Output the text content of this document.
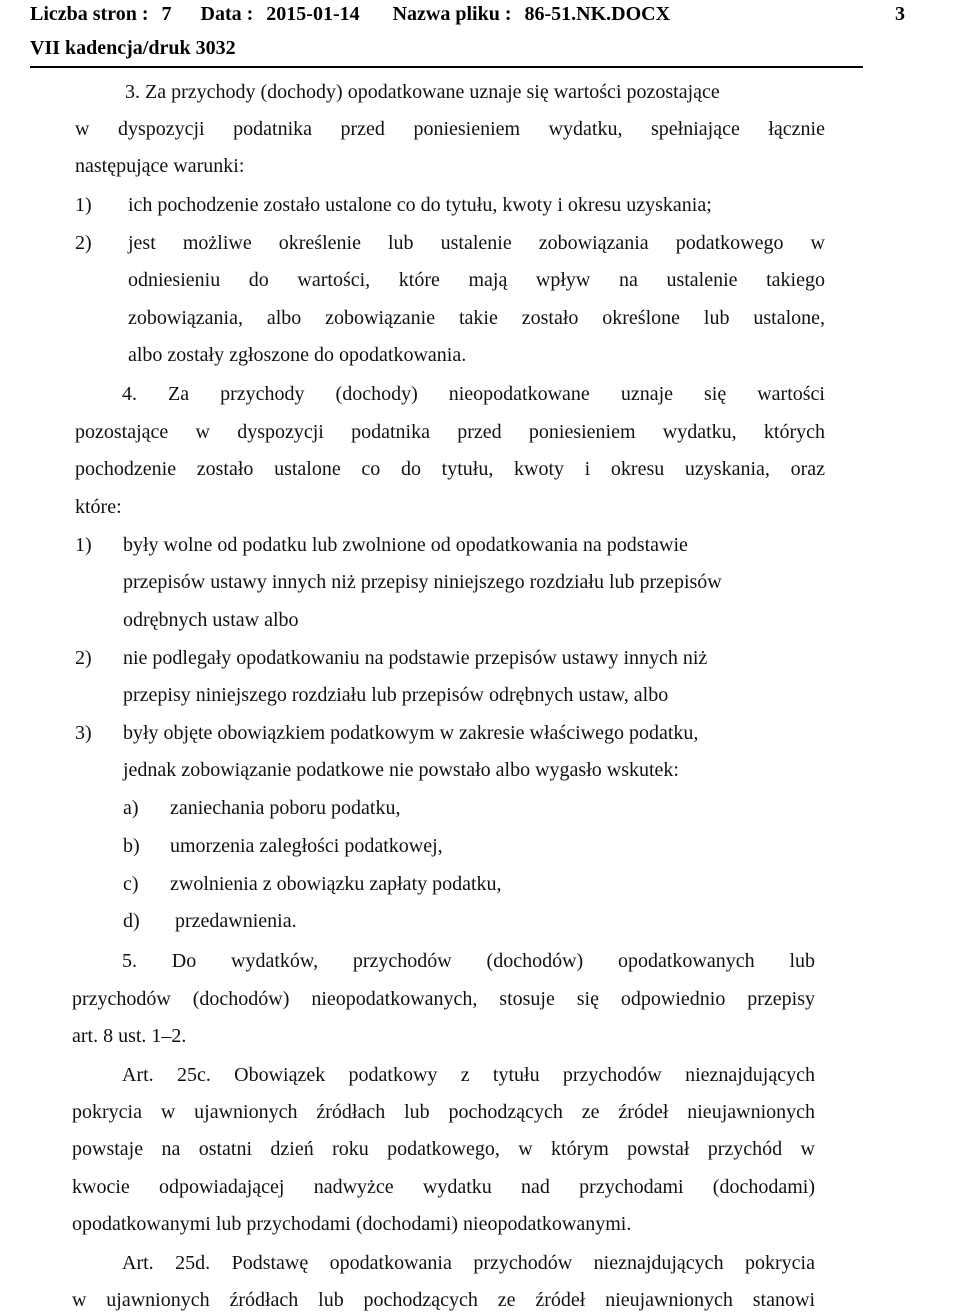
Liczba stron : 7 Data : 2015-01-14 Nazwa pliku : 86-51.NK.DOCX	3
VII kadencja/druk 3032
3. Za przychody (dochody) opodatkowane uznaje się wartości pozostające
w dyspozycji podatnika przed poniesieniem wydatku, spełniające łącznie
następujące warunki:
1) ich pochodzenie zostało ustalone co do tytułu, kwoty i okresu uzyskania;
2) jest możliwe określenie lub ustalenie zobowiązania podatkowego w
odniesieniu do wartości, które mają wpływ na ustalenie takiego
zobowiązania, albo zobowiązanie takie zostało określone lub ustalone,
albo zostały zgłoszone do opodatkowania.
4. Za przychody (dochody) nieopodatkowane uznaje się wartości
pozostające w dyspozycji podatnika przed poniesieniem wydatku, których
pochodzenie zostało ustalone co do tytułu, kwoty i okresu uzyskania, oraz
które:
1) były wolne od podatku lub zwolnione od opodatkowania na podstawie
przepisów ustawy innych niż przepisy niniejszego rozdziału lub przepisów
odrębnych ustaw albo
2) nie podlegały opodatkowaniu na podstawie przepisów ustawy innych niż
przepisy niniejszego rozdziału lub przepisów odrębnych ustaw, albo
3) były objęte obowiązkiem podatkowym w zakresie właściwego podatku,
jednak zobowiązanie podatkowe nie powstało albo wygasło wskutek:
a) zaniechania poboru podatku,
b) umorzenia zaległości podatkowej,
c) zwolnienia z obowiązku zapłaty podatku,
d) przedawnienia.
5. Do wydatków, przychodów (dochodów) opodatkowanych lub
przychodów (dochodów) nieopodatkowanych, stosuje się odpowiednio przepisy
art. 8 ust. 1–2.
Art. 25c. Obowiązek podatkowy z tytułu przychodów nieznajdujących
pokrycia w ujawnionych źródłach lub pochodzących ze źródeł nieujawnionych
powstaje na ostatni dzień roku podatkowego, w którym powstał przychód w
kwocie odpowiadającej nadwyżce wydatku nad przychodami (dochodami)
opodatkowanymi lub przychodami (dochodami) nieopodatkowanymi.
Art. 25d. Podstawę opodatkowania przychodów nieznajdujących pokrycia
w ujawnionych źródłach lub pochodzących ze źródeł nieujawnionych stanowi
